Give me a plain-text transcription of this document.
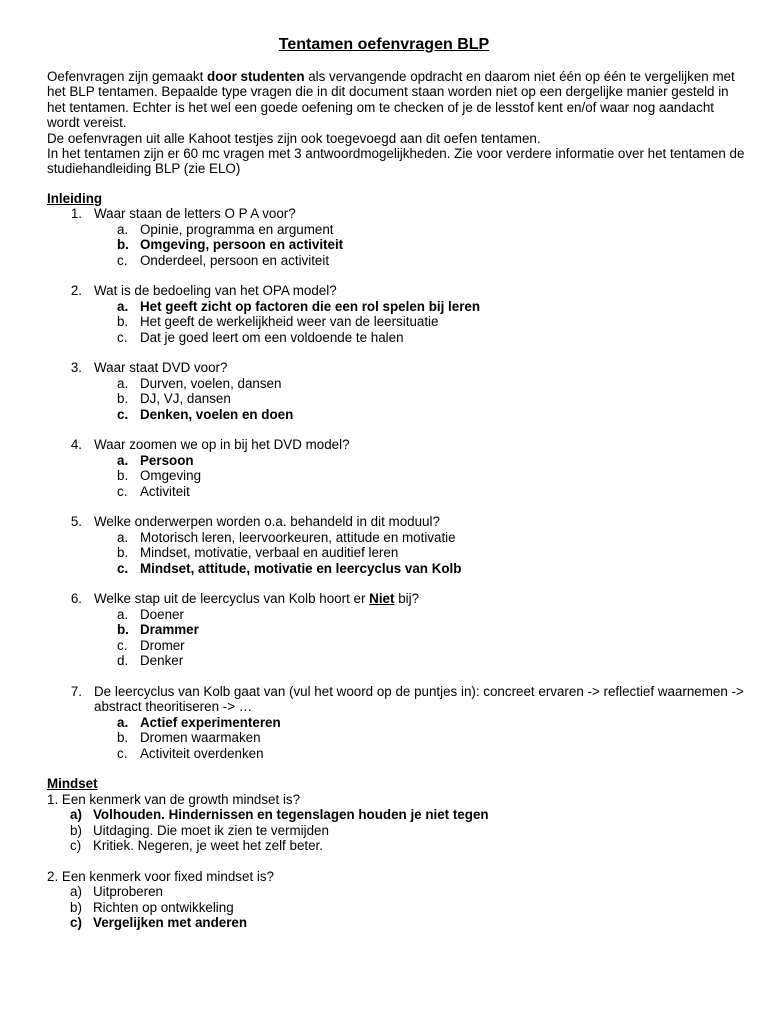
Tentamen oefenvragen BLP

Oefenvragen zijn gemaakt door studenten als vervangende opdracht en daarom niet één op één te vergelijken met het BLP tentamen. Bepaalde type vragen die in dit document staan worden niet op een dergelijke manier gesteld in het tentamen. Echter is het wel een goede oefening om te checken of je de lesstof kent en/of waar nog aandacht wordt vereist.

De oefenvragen uit alle Kahoot testjes zijn ook toegevoegd aan dit oefen tentamen.

In het tentamen zijn er 60 mc vragen met 3 antwoordmogelijkheden. Zie voor verdere informatie over het tentamen de studiehandleiding BLP (zie ELO)

Inleiding

1. Waar staan de letters O P A voor?
a. Opinie, programma en argument
b. Omgeving, persoon en activiteit
c. Onderdeel, persoon en activiteit
2. Wat is de bedoeling van het OPA model?
a. Het geeft zicht op factoren die een rol spelen bij leren
b. Het geeft de werkelijkheid weer van de leersituatie
c. Dat je goed leert om een voldoende te halen
3. Waar staat DVD voor?
a. Durven, voelen, dansen
b. DJ, VJ, dansen
c. Denken, voelen en doen
4. Waar zoomen we op in bij het DVD model?
a. Persoon
b. Omgeving
c. Activiteit
5. Welke onderwerpen worden o.a. behandeld in dit moduul?
a. Motorisch leren, leervoorkeuren, attitude en motivatie
b. Mindset, motivatie, verbaal en auditief leren
c. Mindset, attitude, motivatie en leercyclus van Kolb
6. Welke stap uit de leercyclus van Kolb hoort er Niet bij?
a. Doener
b. Drammer
c. Dromer
d. Denker
7. De leercyclus van Kolb gaat van (vul het woord op de puntjes in): concreet ervaren -> reflectief waarnemen -> abstract theoritiseren -> …
a. Actief experimenteren
b. Dromen waarmaken
c. Activiteit overdenken

Mindset

1. Een kenmerk van de growth mindset is?

a) Volhouden. Hindernissen en tegenslagen houden je niet tegen
b) Uitdaging. Die moet ik zien te vermijden
c) Kritiek. Negeren, je weet het zelf beter.

2. Een kenmerk voor fixed mindset is?

a) Uitproberen
b) Richten op ontwikkeling
c) Vergelijken met anderen
